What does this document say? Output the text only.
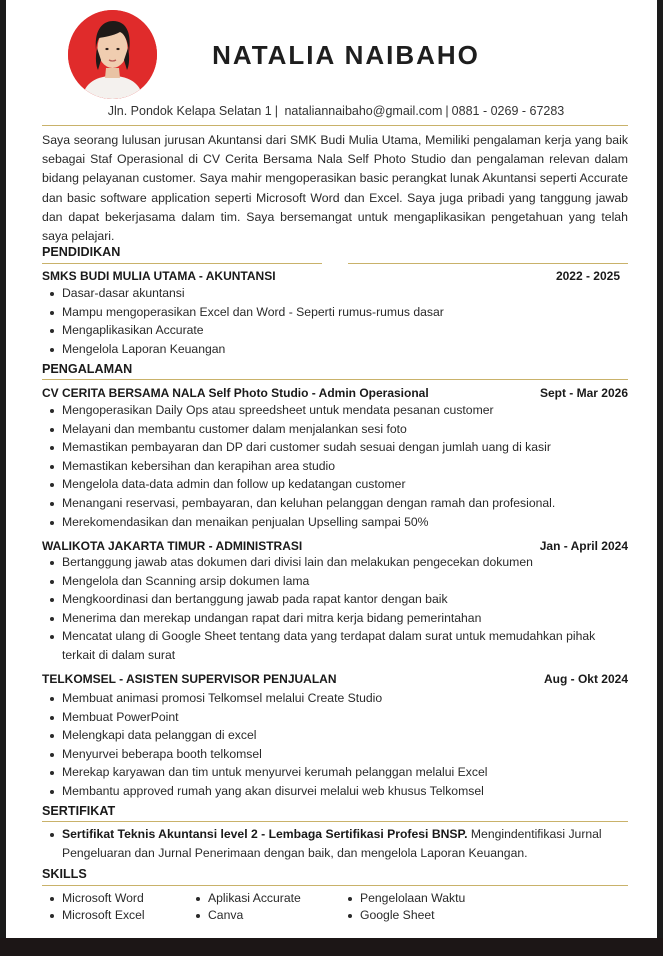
NATALIA NAIBAHO
Jln. Pondok Kelapa Selatan 1 | nataliannaibaho@gmail.com | 0881 - 0269 - 67283

Saya seorang lulusan jurusan Akuntansi dari SMK Budi Mulia Utama, Memiliki pengalaman kerja yang baik sebagai Staf Operasional di CV Cerita Bersama Nala Self Photo Studio dan pengalaman relevan dalam bidang pelayanan customer. Saya mahir mengoperasikan basic perangkat lunak Akuntansi seperti Accurate dan basic software application seperti Microsoft Word dan Excel. Saya juga pribadi yang tanggung jawab dan dapat bekerjasama dalam tim. Saya bersemangat untuk mengaplikasikan pengetahuan yang telah saya pelajari.

PENDIDIKAN
SMKS BUDI MULIA UTAMA - AKUNTANSI	2022 - 2025
Dasar-dasar akuntansi
Mampu mengoperasikan Excel dan Word - Seperti rumus-rumus dasar
Mengaplikasikan Accurate
Mengelola Laporan Keuangan
PENGALAMAN
CV CERITA BERSAMA NALA Self Photo Studio - Admin Operasional	Sept - Mar 2026
Mengoperasikan Daily Ops atau spreedsheet untuk mendata pesanan customer
Melayani dan membantu customer dalam menjalankan sesi foto
Memastikan pembayaran dan DP dari customer sudah sesuai dengan jumlah uang di kasir
Memastikan kebersihan dan kerapihan area studio
Mengelola data-data admin dan follow up kedatangan customer
Menangani reservasi, pembayaran, dan keluhan pelanggan dengan ramah dan profesional.
Merekomendasikan dan menaikan penjualan Upselling sampai 50%
WALIKOTA JAKARTA TIMUR - ADMINISTRASI	Jan - April 2024
Bertanggung jawab atas dokumen dari divisi lain dan melakukan pengecekan dokumen
Mengelola dan Scanning arsip dokumen lama
Mengkoordinasi dan bertanggung jawab pada rapat kantor dengan baik
Menerima dan merekap undangan rapat dari mitra kerja bidang pemerintahan
Mencatat ulang di Google Sheet tentang data yang terdapat dalam surat untuk memudahkan pihak terkait di dalam surat
TELKOMSEL - ASISTEN SUPERVISOR PENJUALAN	Aug - Okt 2024
Membuat animasi promosi Telkomsel melalui Create Studio
Membuat PowerPoint
Melengkapi data pelanggan di excel
Menyurvei beberapa booth telkomsel
Merekap karyawan dan tim untuk menyurvei kerumah pelanggan melalui Excel
Membantu approved rumah yang akan disurvei melalui web khusus Telkomsel
SERTIFIKAT
Sertifikat Teknis Akuntansi level 2 - Lembaga Sertifikasi Profesi BNSP. Mengindentifikasi Jurnal Pengeluaran dan Jurnal Penerimaan dengan baik, dan mengelola Laporan Keuangan.
SKILLS
Microsoft Word
Microsoft Excel
Aplikasi Accurate
Canva
Pengelolaan Waktu
Google Sheet
